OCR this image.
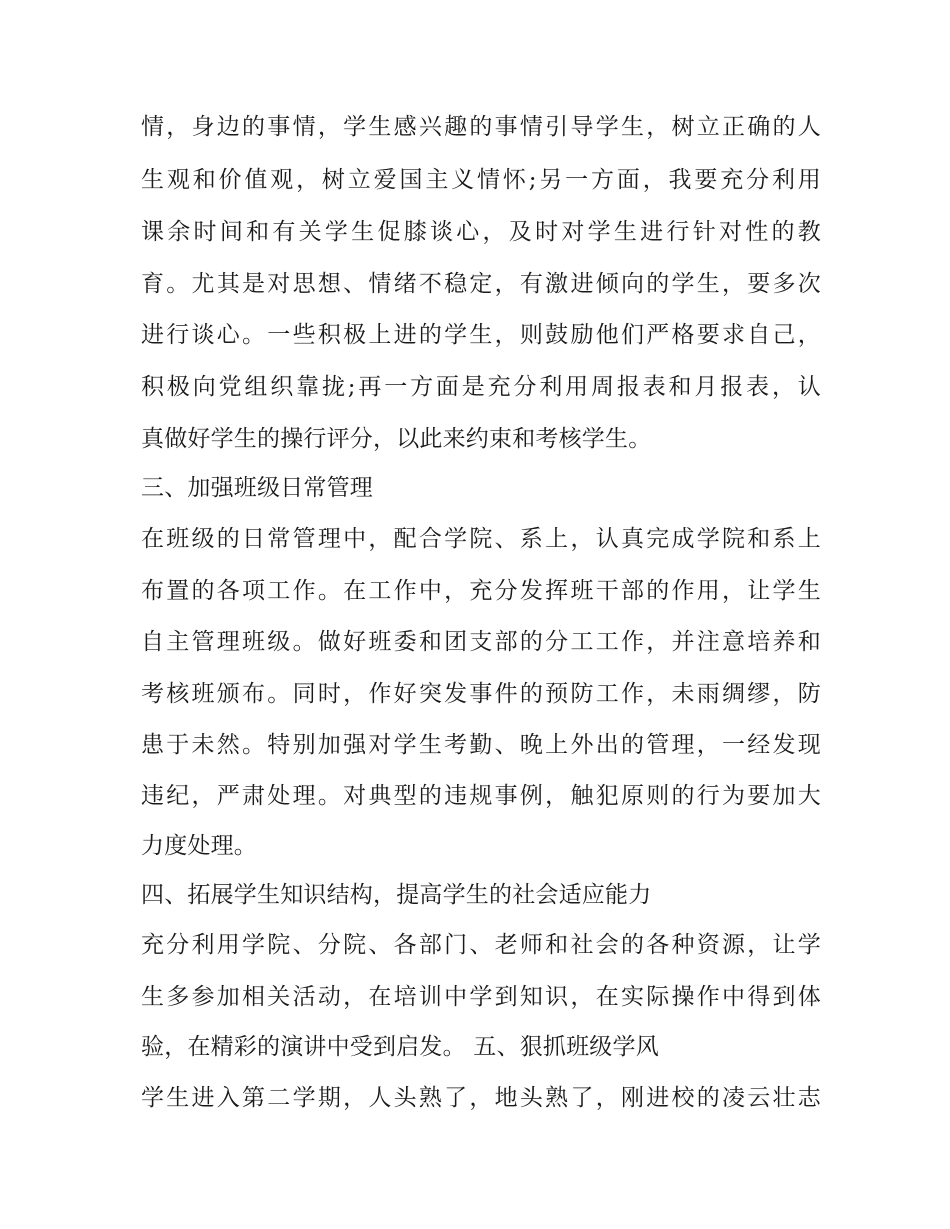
情，身边的事情，学生感兴趣的事情引导学生，树立正确的人
生观和价值观，树立爱国主义情怀;另一方面，我要充分利用
课余时间和有关学生促膝谈心，及时对学生进行针对性的教
育。尤其是对思想、情绪不稳定，有激进倾向的学生，要多次
进行谈心。一些积极上进的学生，则鼓励他们严格要求自己，
积极向党组织靠拢;再一方面是充分利用周报表和月报表，认
真做好学生的操行评分，以此来约束和考核学生。
三、加强班级日常管理
在班级的日常管理中，配合学院、系上，认真完成学院和系上
布置的各项工作。在工作中，充分发挥班干部的作用，让学生
自主管理班级。做好班委和团支部的分工工作，并注意培养和
考核班颁布。同时，作好突发事件的预防工作，未雨绸缪，防
患于未然。特别加强对学生考勤、晚上外出的管理，一经发现
违纪，严肃处理。对典型的违规事例，触犯原则的行为要加大
力度处理。
四、拓展学生知识结构，提高学生的社会适应能力
充分利用学院、分院、各部门、老师和社会的各种资源，让学
生多参加相关活动，在培训中学到知识，在实际操作中得到体
验，在精彩的演讲中受到启发。 五、狠抓班级学风
学生进入第二学期，人头熟了，地头熟了，刚进校的凌云壮志
